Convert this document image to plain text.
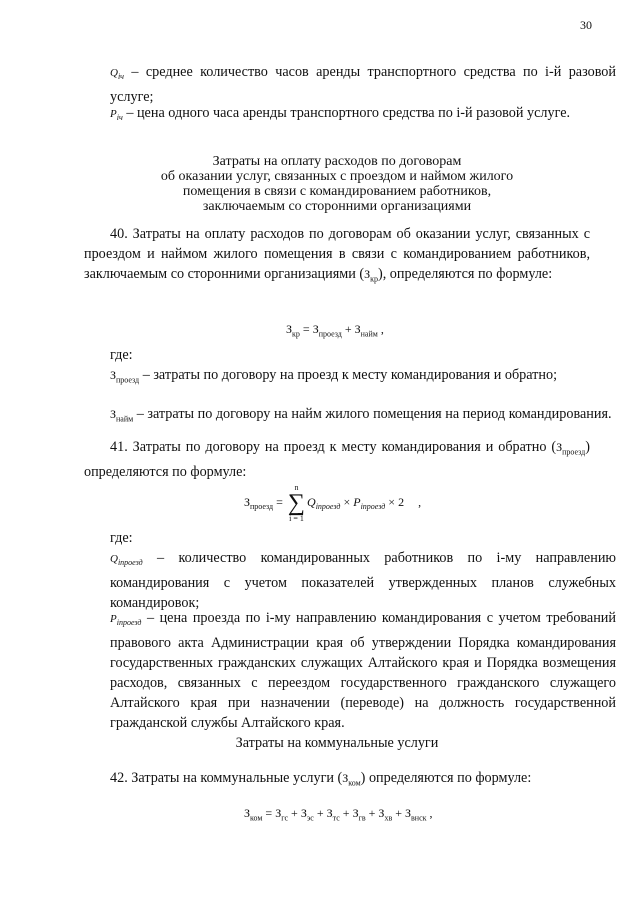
30
$Q_{iч}$ – среднее количество часов аренды транспортного средства по i-й разовой услуге;
$P_{iч}$ – цена одного часа аренды транспортного средства по i-й разовой услуге.
Затраты на оплату расходов по договорам
об оказании услуг, связанных с проездом и наймом жилого
помещения в связи с командированием работников,
заключаемым со сторонними организациями
40. Затраты на оплату расходов по договорам об оказании услуг, связанных с проездом и наймом жилого помещения в связи с командированием работников, заключаемым со сторонними организациями $(З_{кр})$, определяются по формуле:
$З_{кр} = З_{проезд} + З_{найм}$ ,
где:
$З_{проезд}$ – затраты по договору на проезд к месту командирования и обратно;
$З_{найм}$ – затраты по договору на найм жилого помещения на период командирования.
41. Затраты по договору на проезд к месту командирования и обратно $(З_{проезд})$ определяются по формуле:
$З_{проезд}$ =
n
∑
i = 1
$Q_{iпроезд} \times P_{iпроезд} \times 2$ ,
где:
$Q_{iпроезд}$ – количество командированных работников по i-му направлению командирования с учетом показателей утвержденных планов служебных командировок;
$P_{iпроезд}$ – цена проезда по i-му направлению командирования с учетом требований правового акта Администрации края об утверждении Порядка командирования государственных гражданских служащих Алтайского края и Порядка возмещения расходов, связанных с переездом государственного гражданского служащего Алтайского края при назначении (переводе) на должность государственной гражданской службы Алтайского края.
Затраты на коммунальные услуги
42. Затраты на коммунальные услуги $(З_{ком})$ определяются по формуле:
$З_{ком} = З_{гс} + З_{эс} + З_{тс} + З_{гв} + З_{хв} + З_{внск}$ ,
